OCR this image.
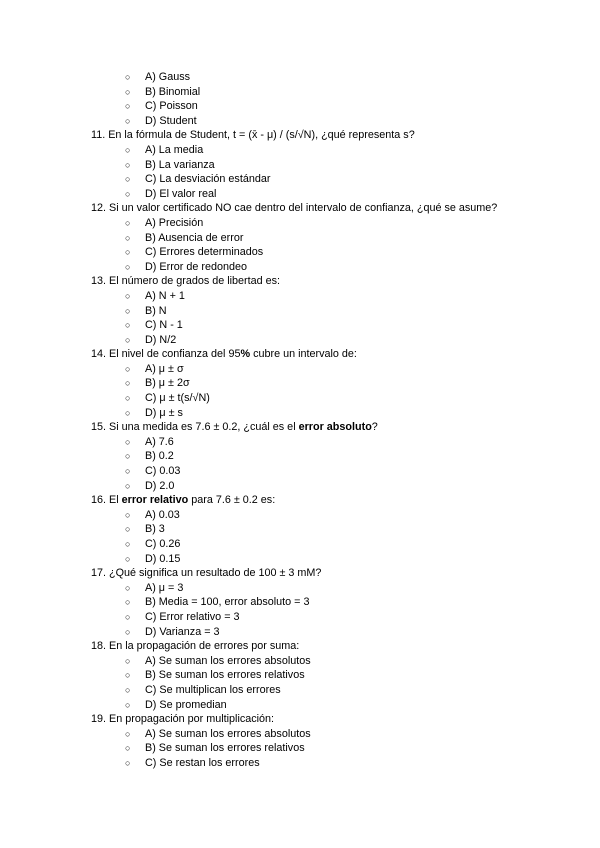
○ A) Gauss
○ B) Binomial
○ C) Poisson
○ D) Student
11. En la fórmula de Student, t = (x̄ - μ) / (s/√N), ¿qué representa s?
○ A) La media
○ B) La varianza
○ C) La desviación estándar
○ D) El valor real
12. Si un valor certificado NO cae dentro del intervalo de confianza, ¿qué se asume?
○ A) Precisión
○ B) Ausencia de error
○ C) Errores determinados
○ D) Error de redondeo
13. El número de grados de libertad es:
○ A) N + 1
○ B) N
○ C) N - 1
○ D) N/2
14. El nivel de confianza del 95% cubre un intervalo de:
○ A) μ ± σ
○ B) μ ± 2σ
○ C) μ ± t(s/√N)
○ D) μ ± s
15. Si una medida es 7.6 ± 0.2, ¿cuál es el error absoluto?
○ A) 7.6
○ B) 0.2
○ C) 0.03
○ D) 2.0
16. El error relativo para 7.6 ± 0.2 es:
○ A) 0.03
○ B) 3
○ C) 0.26
○ D) 0.15
17. ¿Qué significa un resultado de 100 ± 3 mM?
○ A) μ = 3
○ B) Media = 100, error absoluto = 3
○ C) Error relativo = 3
○ D) Varianza = 3
18. En la propagación de errores por suma:
○ A) Se suman los errores absolutos
○ B) Se suman los errores relativos
○ C) Se multiplican los errores
○ D) Se promedian
19. En propagación por multiplicación:
○ A) Se suman los errores absolutos
○ B) Se suman los errores relativos
○ C) Se restan los errores
